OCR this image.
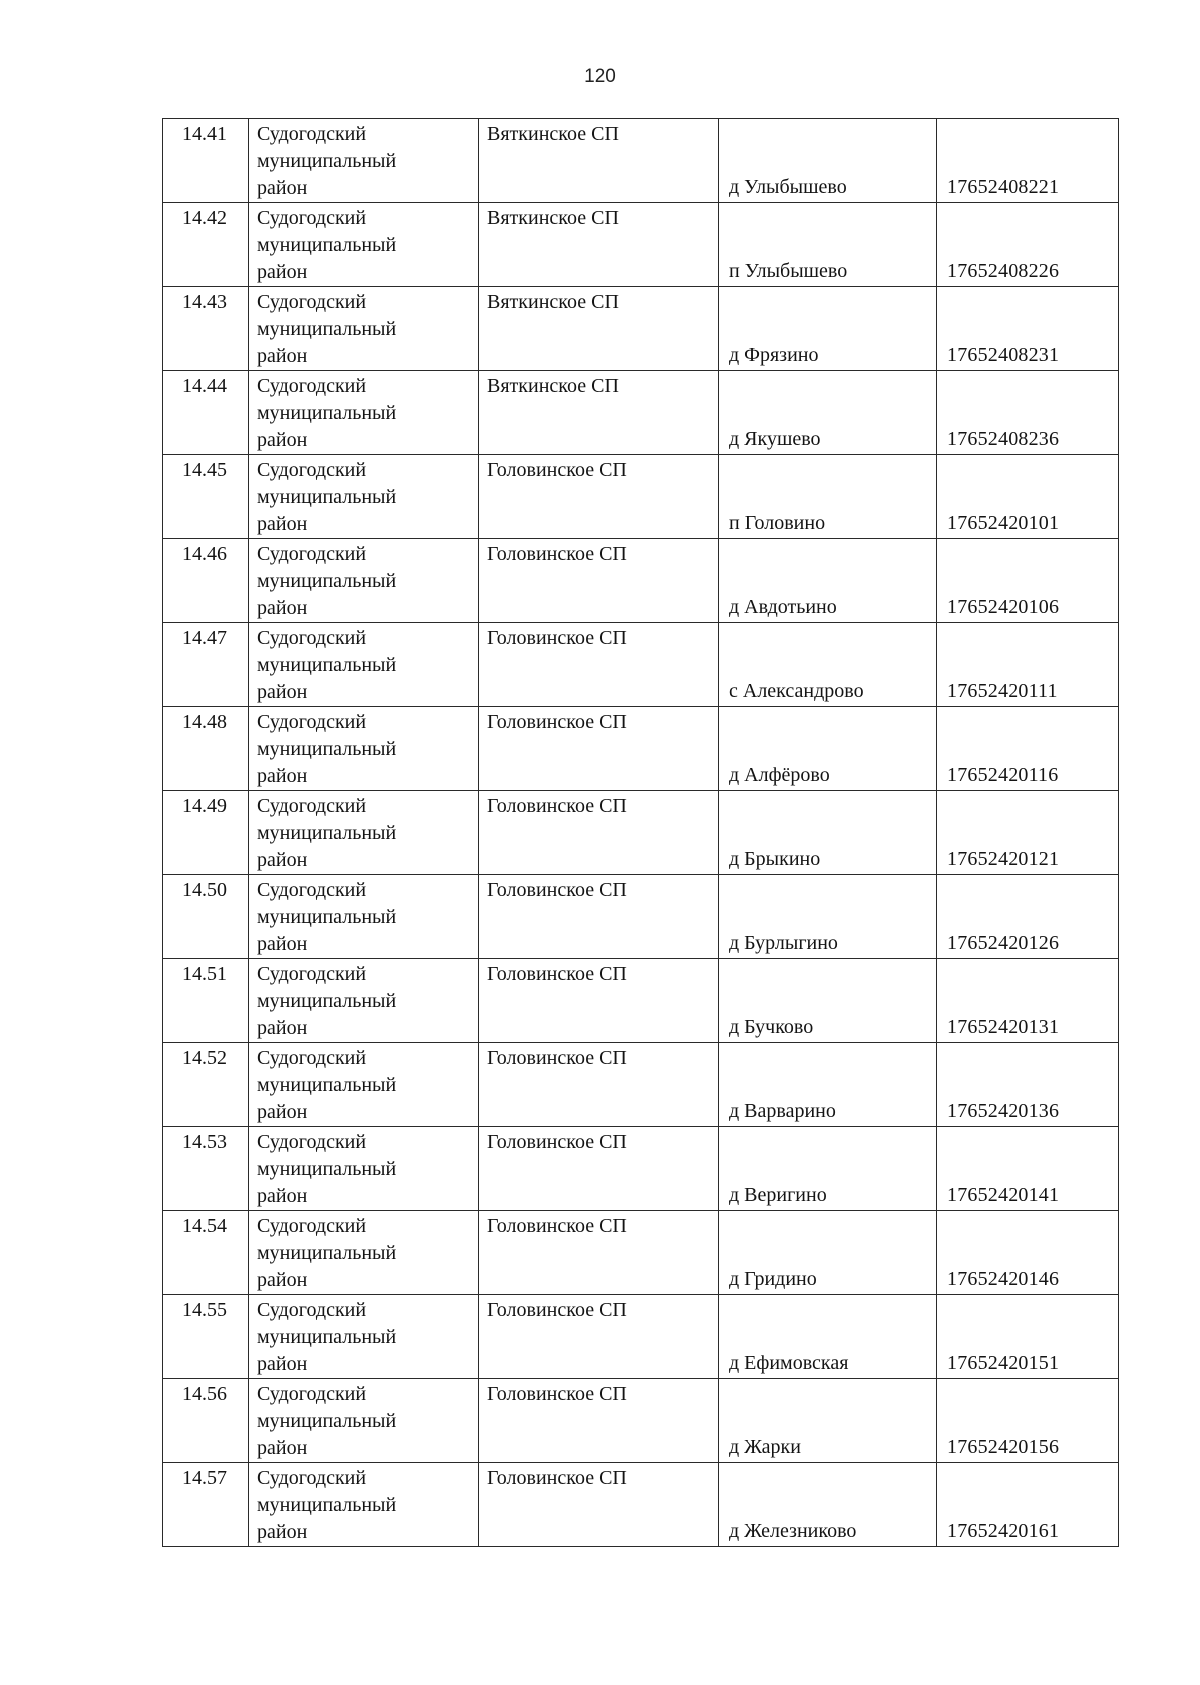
120
14.41	Судогодский
муниципальный
район	Вяткинское СП	д Улыбышево	17652408221
14.42	Судогодский
муниципальный
район	Вяткинское СП	п Улыбышево	17652408226
14.43	Судогодский
муниципальный
район	Вяткинское СП	д Фрязино	17652408231
14.44	Судогодский
муниципальный
район	Вяткинское СП	д Якушево	17652408236
14.45	Судогодский
муниципальный
район	Головинское СП	п Головино	17652420101
14.46	Судогодский
муниципальный
район	Головинское СП	д Авдотьино	17652420106
14.47	Судогодский
муниципальный
район	Головинское СП	с Александрово	17652420111
14.48	Судогодский
муниципальный
район	Головинское СП	д Алфёрово	17652420116
14.49	Судогодский
муниципальный
район	Головинское СП	д Брыкино	17652420121
14.50	Судогодский
муниципальный
район	Головинское СП	д Бурлыгино	17652420126
14.51	Судогодский
муниципальный
район	Головинское СП	д Бучково	17652420131
14.52	Судогодский
муниципальный
район	Головинское СП	д Варварино	17652420136
14.53	Судогодский
муниципальный
район	Головинское СП	д Веригино	17652420141
14.54	Судогодский
муниципальный
район	Головинское СП	д Гридино	17652420146
14.55	Судогодский
муниципальный
район	Головинское СП	д Ефимовская	17652420151
14.56	Судогодский
муниципальный
район	Головинское СП	д Жарки	17652420156
14.57	Судогодский
муниципальный
район	Головинское СП	д Железниково	17652420161
